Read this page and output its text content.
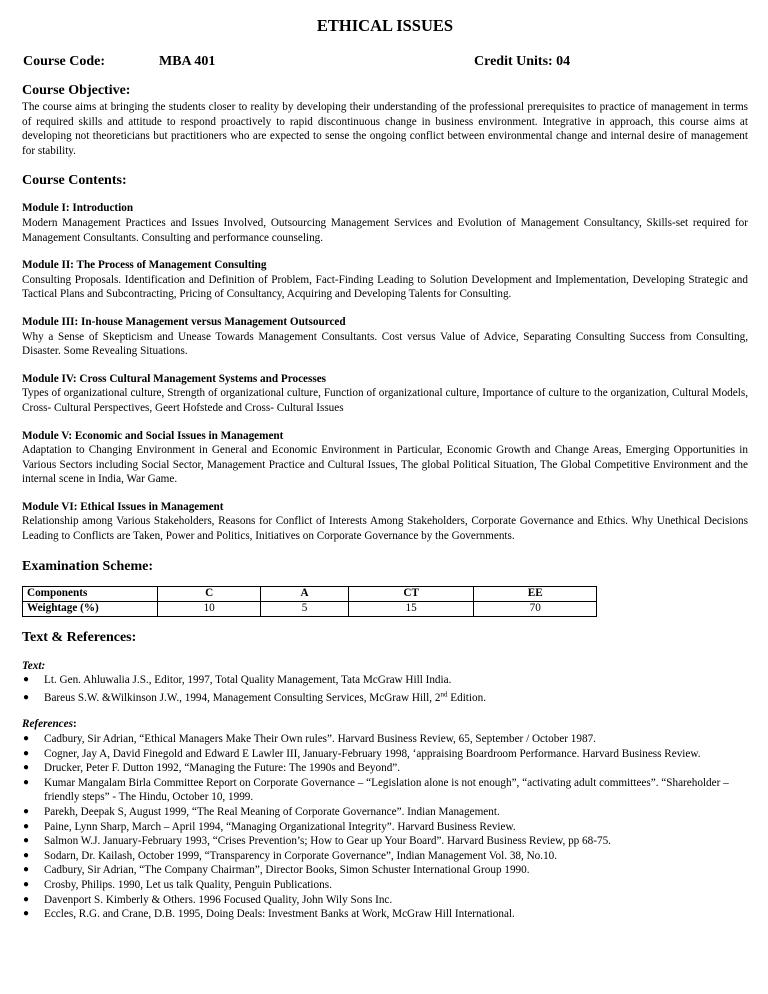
ETHICAL ISSUES
Course Code:	MBA 401	Credit Units: 04
Course Objective:
The course aims at bringing the students closer to reality by developing their understanding of the professional prerequisites to practice of management in terms of required skills and attitude to respond proactively to rapid discontinuous change in business environment. Integrative in approach, this course aims at developing not theoreticians but practitioners who are expected to sense the ongoing conflict between environmental change and internal desire of management for stability.
Course Contents:
Module I: Introduction
Modern Management Practices and Issues Involved, Outsourcing Management Services and Evolution of Management Consultancy, Skills-set required for Management Consultants. Consulting and performance counseling.
Module II: The Process of Management Consulting
Consulting Proposals. Identification and Definition of Problem, Fact-Finding Leading to Solution Development and Implementation, Developing Strategic and Tactical Plans and Subcontracting, Pricing of Consultancy, Acquiring and Developing Talents for Consulting.
Module III: In-house Management versus Management Outsourced
Why a Sense of Skepticism and Unease Towards Management Consultants. Cost versus Value of Advice, Separating Consulting Success from Consulting, Disaster. Some Revealing Situations.
Module IV: Cross Cultural Management Systems and Processes
Types of organizational culture, Strength of organizational culture, Function of organizational culture, Importance of culture to the organization, Cultural Models, Cross- Cultural Perspectives, Geert Hofstede and Cross- Cultural Issues
Module V: Economic and Social Issues in Management
Adaptation to Changing Environment in General and Economic Environment in Particular, Economic Growth and Change Areas, Emerging Opportunities in Various Sectors including Social Sector, Management Practice and Cultural Issues, The global Political Situation, The Global Competitive Environment and the internal scene in India, War Game.
Module VI: Ethical Issues in Management
Relationship among Various Stakeholders, Reasons for Conflict of Interests Among Stakeholders, Corporate Governance and Ethics. Why Unethical Decisions Leading to Conflicts are Taken, Power and Politics, Initiatives on Corporate Governance by the Governments.
Examination Scheme:
Components	C	A	CT	EE
Weightage (%)	10	5	15	70
Text & References:
Text:
● Lt. Gen. Ahluwalia J.S., Editor, 1997, Total Quality Management, Tata McGraw Hill India.
● Bareus S.W. &Wilkinson J.W., 1994, Management Consulting Services, McGraw Hill, 2nd Edition.
References:
● Cadbury, Sir Adrian, “Ethical Managers Make Their Own rules”. Harvard Business Review, 65, September / October 1987.
● Cogner, Jay A, David Finegold and Edward E Lawler III, January-February 1998, ‘appraising Boardroom Performance. Harvard Business Review.
● Drucker, Peter F. Dutton 1992, “Managing the Future: The 1990s and Beyond”.
● Kumar Mangalam Birla Committee Report on Corporate Governance – “Legislation alone is not enough”, “activating adult committees”. “Shareholder – friendly steps” - The Hindu, October 10, 1999.
● Parekh, Deepak S, August 1999, “The Real Meaning of Corporate Governance”. Indian Management.
● Paine, Lynn Sharp, March – April 1994, “Managing Organizational Integrity”. Harvard Business Review.
● Salmon W.J. January-February 1993, “Crises Prevention’s; How to Gear up Your Board”. Harvard Business Review, pp 68-75.
● Sodarn, Dr. Kailash, October 1999, “Transparency in Corporate Governance”, Indian Management Vol. 38, No.10.
● Cadbury, Sir Adrian, “The Company Chairman”, Director Books, Simon Schuster International Group 1990.
● Crosby, Philips. 1990, Let us talk Quality, Penguin Publications.
● Davenport S. Kimberly & Others. 1996 Focused Quality, John Wily Sons Inc.
● Eccles, R.G. and Crane, D.B. 1995, Doing Deals: Investment Banks at Work, McGraw Hill International.
